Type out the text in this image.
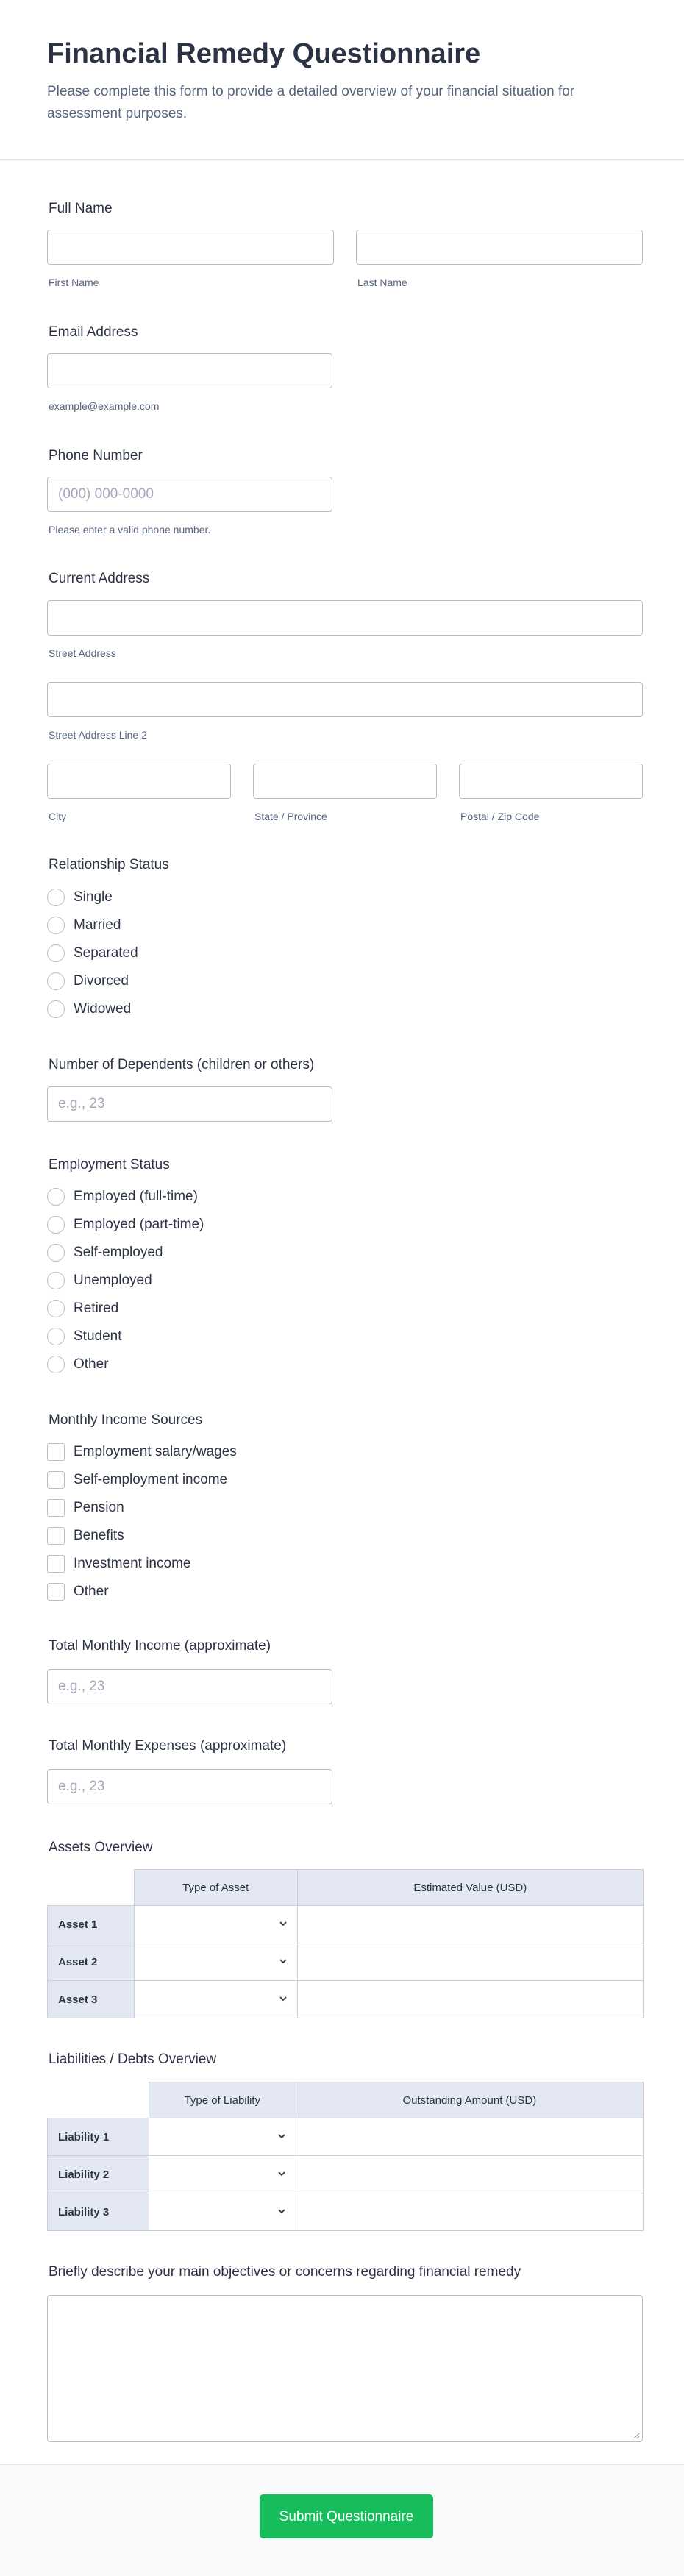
Financial Remedy Questionnaire
Please complete this form to provide a detailed overview of your financial situation for assessment purposes.
Full Name
First Name	Last Name
Email Address
example@example.com
Phone Number
(000) 000-0000
Please enter a valid phone number.
Current Address
Street Address
Street Address Line 2
City	State / Province	Postal / Zip Code
Relationship Status
Single
Married
Separated
Divorced
Widowed
Number of Dependents (children or others)
e.g., 23
Employment Status
Employed (full-time)
Employed (part-time)
Self-employed
Unemployed
Retired
Student
Other
Monthly Income Sources
Employment salary/wages
Self-employment income
Pension
Benefits
Investment income
Other
Total Monthly Income (approximate)
e.g., 23
Total Monthly Expenses (approximate)
e.g., 23
Assets Overview
	Type of Asset	Estimated Value (USD)
Asset 1	

Asset 2	

Asset 3	

Liabilities / Debts Overview
	Type of Liability	Outstanding Amount (USD)
Liability 1	

Liability 2	

Liability 3	

Briefly describe your main objectives or concerns regarding financial remedy
Submit Questionnaire
